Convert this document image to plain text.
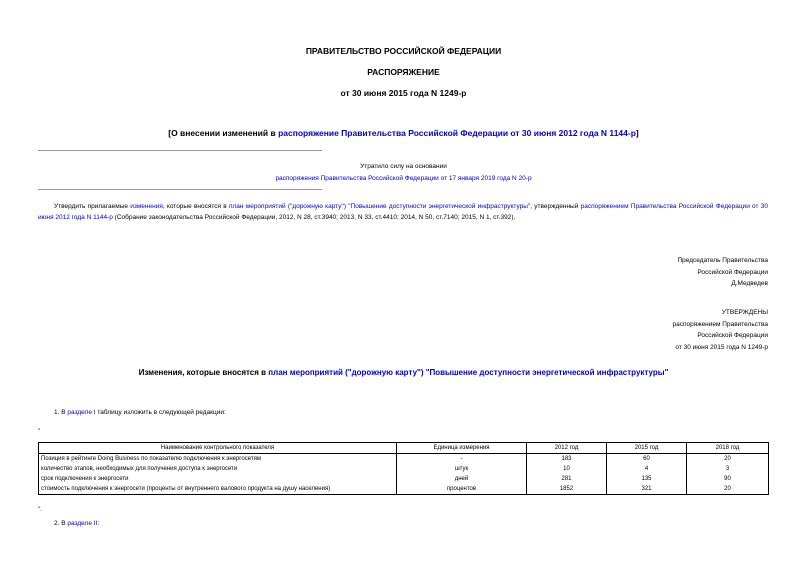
ПРАВИТЕЛЬСТВО РОССИЙСКОЙ ФЕДЕРАЦИИ
РАСПОРЯЖЕНИЕ
от 30 июня 2015 года N 1249-р
[О внесении изменений в распоряжение Правительства Российской Федерации от 30 июня 2012 года N 1144-р]
Утратило силу на основании
распоряжения Правительства Российской Федерации от 17 января 2019 года N 20-р
Утвердить прилагаемые изменения, которые вносятся в план мероприятий ("дорожную карту") "Повышение доступности энергетической инфраструктуры", утвержденный распоряжением Правительства Российской Федерации от 30 июня 2012 года N 1144-р (Собрание законодательства Российской Федерации, 2012, N 28, ст.3940; 2013, N 33, ст.4410; 2014, N 50, ст.7140; 2015, N 1, ст.392).
Председатель Правительства
Российской Федерации
Д.Медведев
УТВЕРЖДЕНЫ
распоряжением Правительства
Российской Федерации
от 30 июня 2015 года N 1249-р
Изменения, которые вносятся в план мероприятий ("дорожную карту") "Повышение доступности энергетической инфраструктуры"
1. В разделе I таблицу изложить в следующей редакции:
"
Наименование контрольного показателя	Единица измерения	2012 год	2015 год	2018 год
Позиция в рейтинге Doing Business по показателю подключения к энергосетям	-	183	60	20
количество этапов, необходимых для получения доступа к энергосети	штук	10	4	3
срок подключения к энергосети	дней	281	135	90
стоимость подключения к энергосети (проценты от внутреннего валового продукта на душу населения)	процентов	1852	321	20
".
2. В разделе II:
